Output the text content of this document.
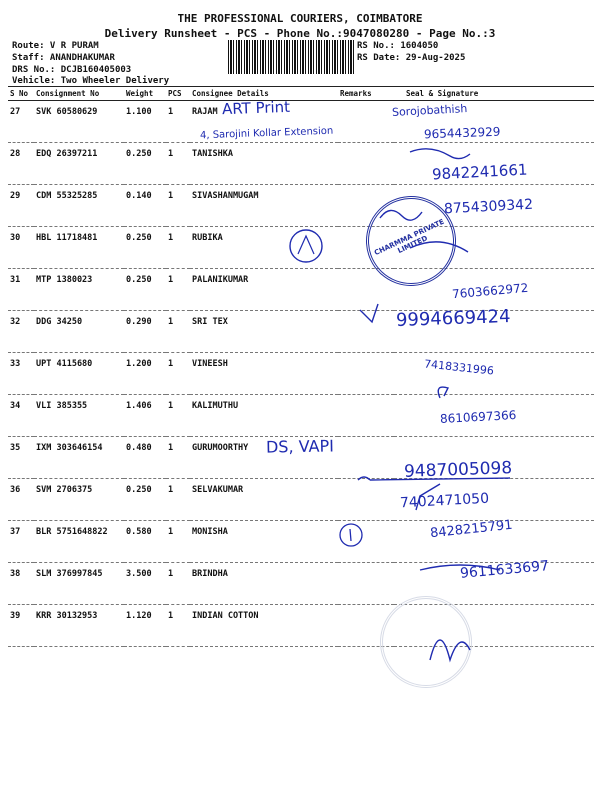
THE PROFESSIONAL COURIERS, COIMBATORE
Delivery Runsheet - PCS - Phone No.:9047080280 - Page No.:3
Route: V R PURAM
Staff: ANANDHAKUMAR
DRS No.: DCJB160405003
Vehicle: Two Wheeler Delivery
RS No.: 1604050
RS Date: 29-Aug-2025
S No	Consignment No	Weight	PCS	Consignee Details	Remarks	Seal & Signature
27	SVK 60580629	1.100	1	RAJAM		
28	EDQ 26397211	0.250	1	TANISHKA		
29	CDM 55325285	0.140	1	SIVASHANMUGAM		
30	HBL 11718481	0.250	1	RUBIKA		
31	MTP 1380023	0.250	1	PALANIKUMAR		
32	DDG 34250	0.290	1	SRI TEX		
33	UPT 4115680	1.200	1	VINEESH		
34	VLI 385355	1.406	1	KALIMUTHU		
35	IXM 303646154	0.480	1	GURUMOORTHY		
36	SVM 2706375	0.250	1	SELVAKUMAR		
37	BLR 5751648822	0.580	1	MONISHA		
38	SLM 376997845	3.500	1	BRINDHA		
39	KRR 30132953	1.120	1	INDIAN COTTON		
ART Print
4, Sarojini Kollar Extension
Sorojobathish
9654432929
9842241661
8754309342
7603662972
9994669424
7418331996
8610697366
DS, VAPI
9487005098
7402471050
8428215791
9611633697
CHARMMA PRIVATE LIMITED
